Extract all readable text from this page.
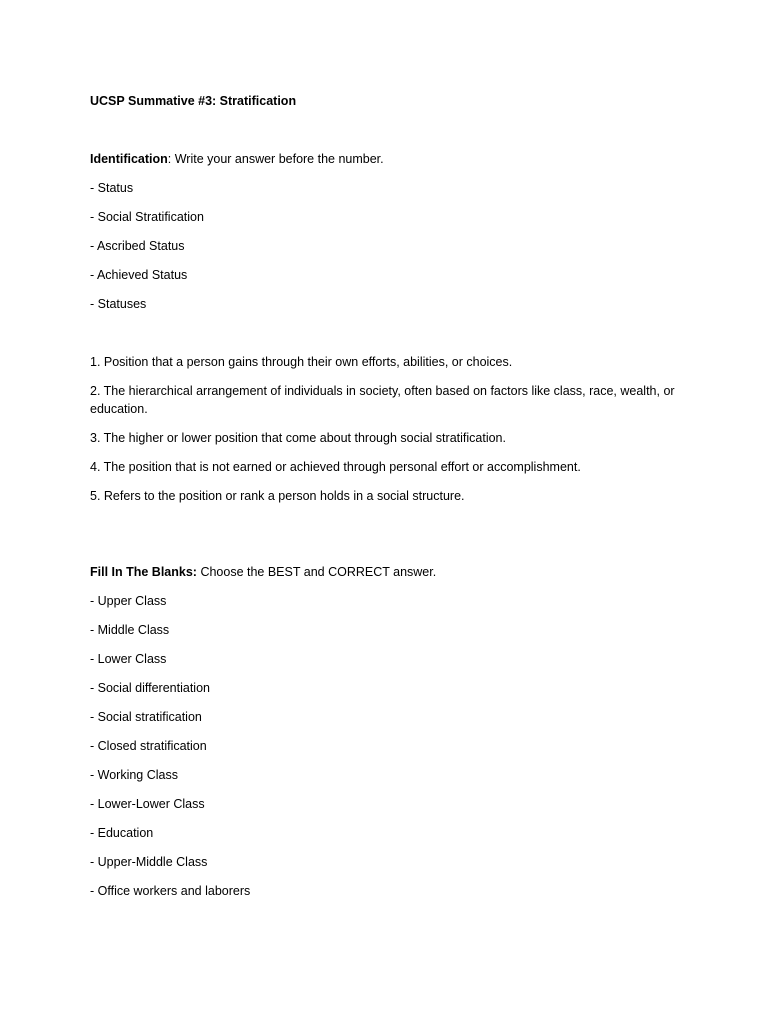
UCSP Summative #3: Stratification

Identification: Write your answer before the number.

- Status

- Social Stratification

- Ascribed Status

- Achieved Status

- Statuses

1. Position that a person gains through their own efforts, abilities, or choices.

2. The hierarchical arrangement of individuals in society, often based on factors like class, race, wealth, or education.

3. The higher or lower position that come about through social stratification.

4. The position that is not earned or achieved through personal effort or accomplishment.

5. Refers to the position or rank a person holds in a social structure.

Fill In The Blanks: Choose the BEST and CORRECT answer.

- Upper Class

- Middle Class

- Lower Class

- Social differentiation

- Social stratification

- Closed stratification

- Working Class

- Lower-Lower Class

- Education

- Upper-Middle Class

- Office workers and laborers
